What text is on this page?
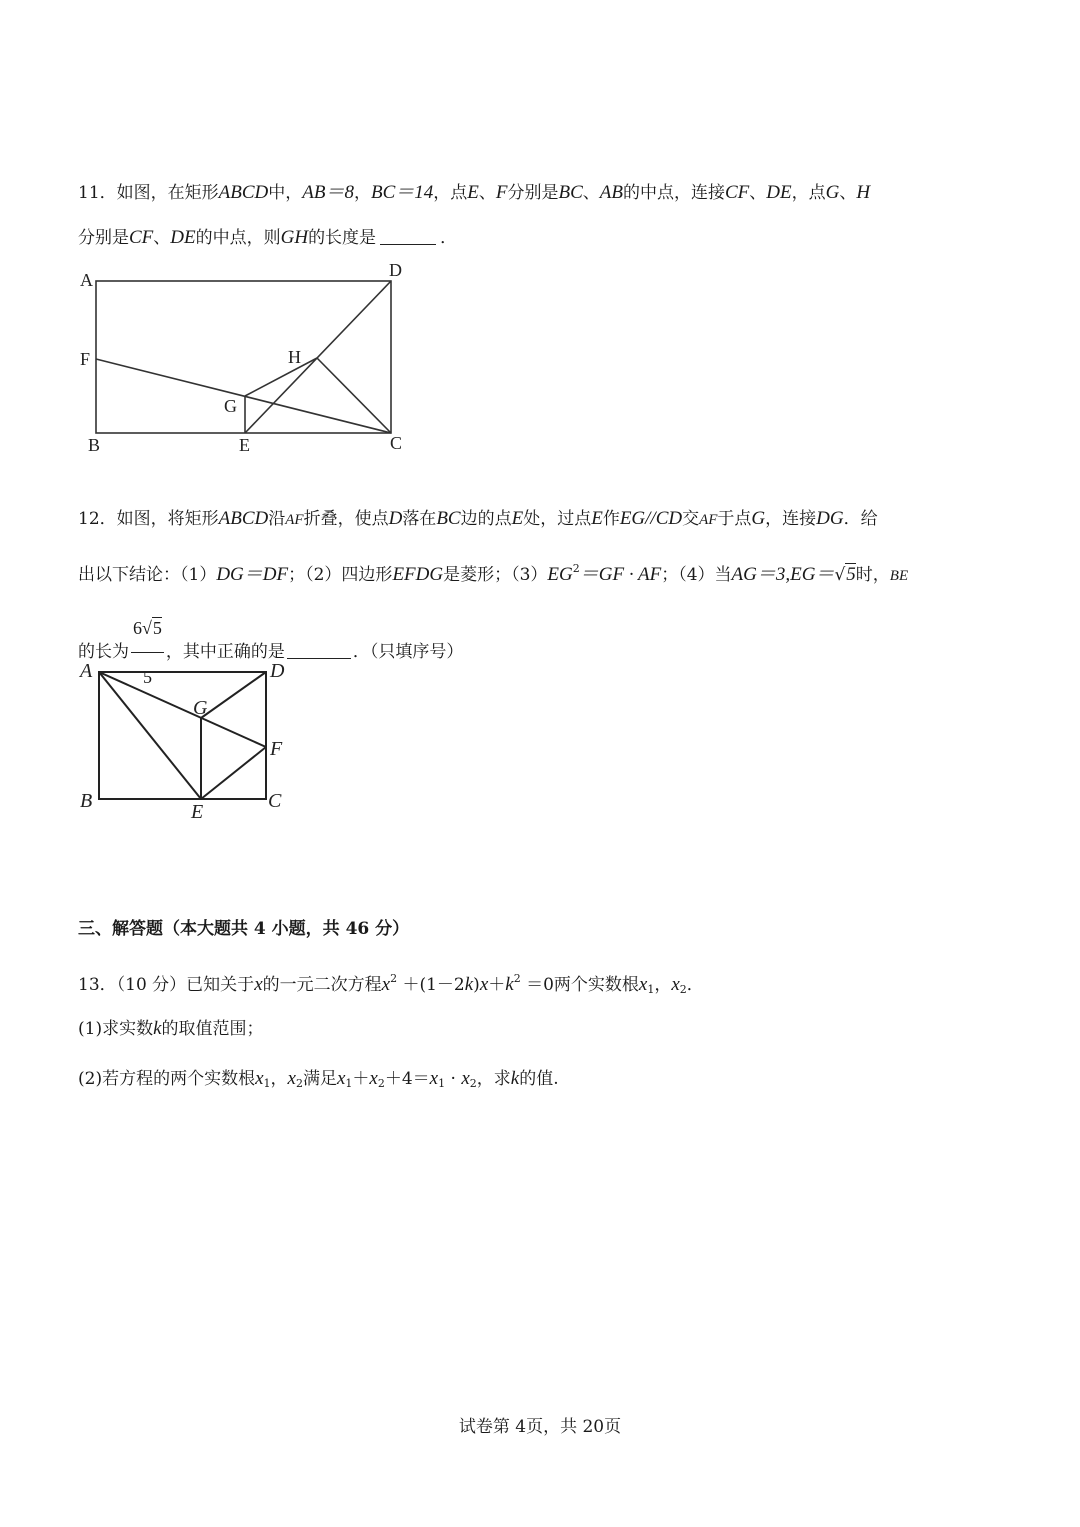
11．如图，在矩形ABCD中，AB＝8，BC＝14，点E、F分别是BC、AB的中点，连接CF、DE，点G、H
分别是CF、DE的中点，则GH的长度是	．
A	D
F	H
G
B	E	C
12．如图，将矩形ABCD沿AF折叠，使点D落在BC边的点E处，过点E作EG//CD交AF于点G，连接DG．给
出以下结论：（1）DG＝DF；（2）四边形EFDG是菱形；$(3)EG^2=GF$ · AF；（4）当AG＝3,EG＝√5时，BE
的长为 $\frac{6√5}{5}$ ，其中正确的是	．（只填序号）
A	D
G
F
B	C
E
三、解答题（本大题共 4 小题，共 46 分）
13．（10 分）已知关于x的一元二次方程$x^2 +(1-2k)x+k^2 =0$两个实数根$x_1$，$x_2$．
(1)求实数k的取值范围；
(2)若方程的两个实数根$x_1$，$x_2$满足$x_1+x_2+4=x_1 \cdot x_2$，求k的值.
试卷第 4页，共 20页
